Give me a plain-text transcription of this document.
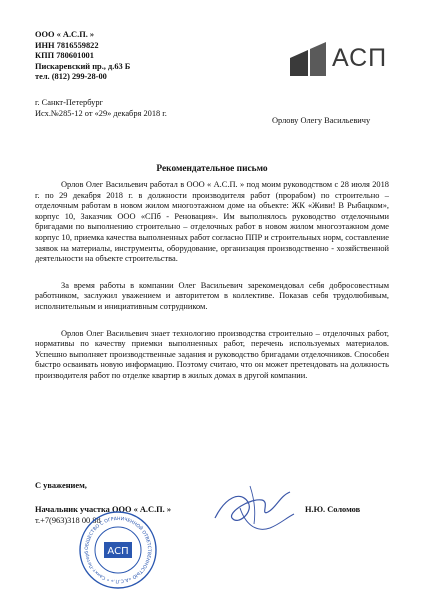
ООО « А.С.П. »
ИНН 7816559822
КПП 780601001
Пискаревский пр., д.63 Б
тел. (812) 299-28-00
АСП
г. Санкт-Петербург
Исх.№285-12 от «29» декабря 2018 г.
Орлову Олегу Васильевичу
Рекомендательное письмо

Орлов Олег Васильевич работал в ООО « А.С.П. » под моим руководством с 28 июля 2018 г. по 29 декабря 2018 г. в должности производителя работ (прорабом) по строительно – отделочным работам в новом жилом многоэтажном доме на объекте: ЖК «Живи! В Рыбацком», корпус 10, Заказчик ООО «СПб - Реновация». Им выполнялось руководство отделочными бригадами по выполнению строительно – отделочных работ в новом жилом многоэтажном доме корпус 10, приемка качества выполненных работ согласно ППР и строительных норм, составление заявок на материалы, инструменты, оборудование, организация производственно - хозяйственной деятельности на объекте строительства.

За время работы в компании Олег Васильевич зарекомендовал себя добросовестным работником, заслужил уважением и авторитетом в коллективе. Показав себя трудолюбивым, исполнительным и инициативным сотрудником.

Орлов Олег Васильевич знает технологию производства строительно – отделочных работ, нормативы по качеству приемки выполненных работ, перечень используемых материалов. Успешно выполняет производственные задания и руководство бригадами отделочников. Способен быстро осваивать новую информацию. Поэтому считаю, что он может претендовать на должность производителя работ по отделке квартир в жилых домах в другой компании.

С уважением,
Начальник участка ООО « А.С.П. »	Н.Ю. Соломов
т.+7(963)318 00 88
ОБЩЕСТВО С ОГРАНИЧЕННОЙ ОТВЕТСТВЕННОСТЬЮ «А.С.П.» • Санкт-Петерб	АСП
